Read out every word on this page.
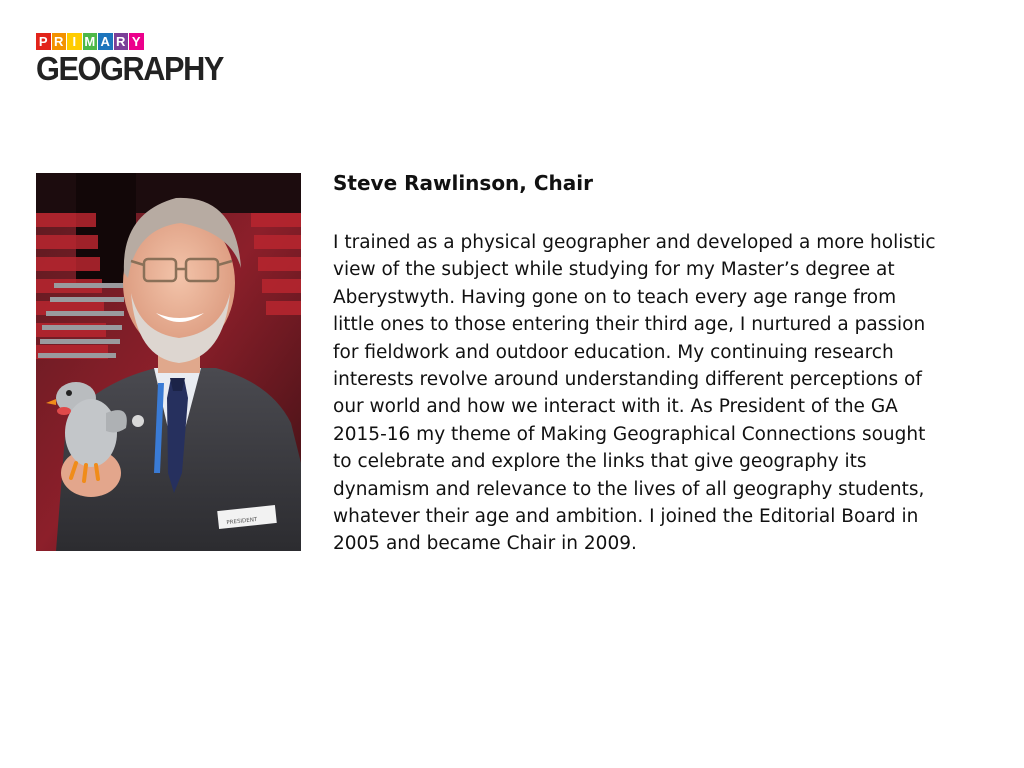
P R I M A R Y
GEOGRAPHY
PRESIDENT
Steve Rawlinson, Chair

I trained as a physical geographer and developed a more holistic
view of the subject while studying for my Master’s degree at
Aberystwyth. Having gone on to teach every age range from
little ones to those entering their third age, I nurtured a passion
for fieldwork and outdoor education. My continuing research
interests revolve around understanding different perceptions of
our world and how we interact with it. As President of the GA
2015-16 my theme of Making Geographical Connections sought
to celebrate and explore the links that give geography its
dynamism and relevance to the lives of all geography students,
whatever their age and ambition. I joined the Editorial Board in
2005 and became Chair in 2009.
